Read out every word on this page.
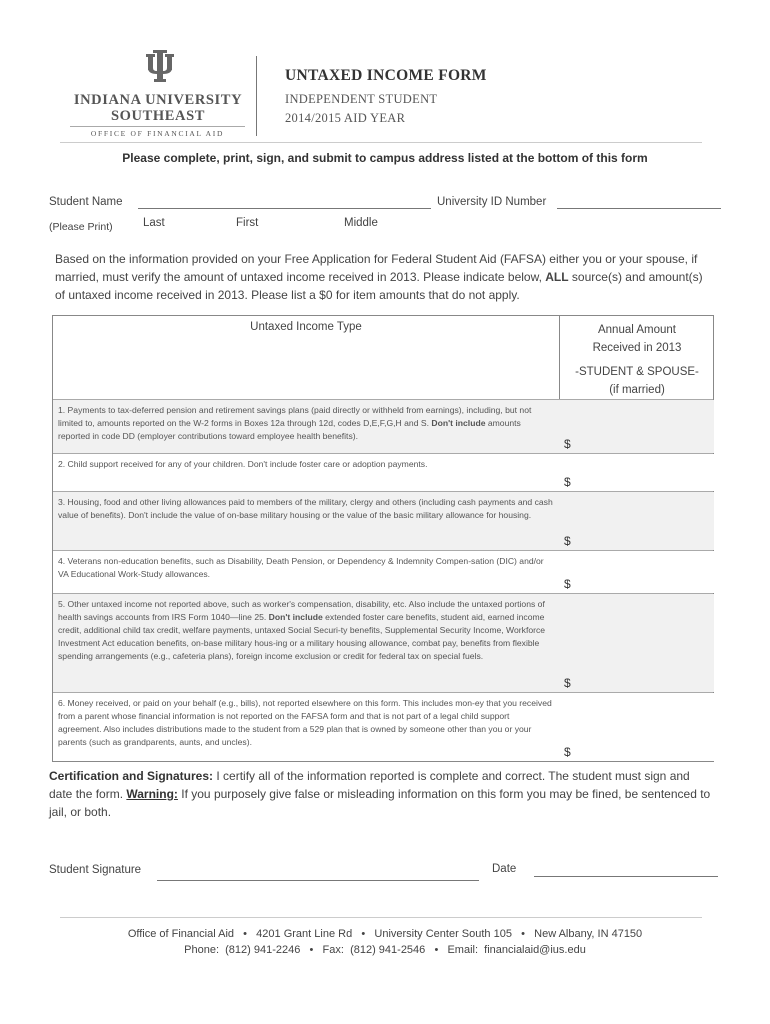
INDIANA UNIVERSITY
SOUTHEAST
OFFICE OF FINANCIAL AID
UNTAXED INCOME FORM
INDEPENDENT STUDENT
2014/2015 AID YEAR
Please complete, print, sign, and submit to campus address listed at the bottom of this form
Student Name	University ID Number
(Please Print)	Last	First	Middle
Based on the information provided on your Free Application for Federal Student Aid (FAFSA) either you or your spouse, if married, must verify the amount of untaxed income received in 2013. Please indicate below, ALL source(s) and amount(s) of untaxed income received in 2013. Please list a $0 for item amounts that do not apply.
Untaxed Income Type	Annual Amount
Received in 2013
-STUDENT & SPOUSE-
(if married)
1. Payments to tax-deferred pension and retirement savings plans (paid directly or withheld from earnings), including, but not limited to, amounts reported on the W-2 forms in Boxes 12a through 12d, codes D,E,F,G,H and S. Don't include amounts reported in code DD (employer contributions toward employee health benefits).
$
2. Child support received for any of your children. Don't include foster care or adoption payments.
$
3. Housing, food and other living allowances paid to members of the military, clergy and others (including cash payments and cash value of benefits). Don't include the value of on-base military housing or the value of the basic military allowance for housing.
$
4. Veterans non-education benefits, such as Disability, Death Pension, or Dependency & Indemnity Compen-sation (DIC) and/or VA Educational Work-Study allowances.
$
5. Other untaxed income not reported above, such as worker's compensation, disability, etc. Also include the untaxed portions of health savings accounts from IRS Form 1040—line 25. Don't include extended foster care benefits, student aid, earned income credit, additional child tax credit, welfare payments, untaxed Social Securi-ty benefits, Supplemental Security Income, Workforce Investment Act education benefits, on-base military hous-ing or a military housing allowance, combat pay, benefits from flexible spending arrangements (e.g., cafeteria plans), foreign income exclusion or credit for federal tax on special fuels.
$
6. Money received, or paid on your behalf (e.g., bills), not reported elsewhere on this form. This includes mon-ey that you received from a parent whose financial information is not reported on the FAFSA form and that is not part of a legal child support agreement. Also includes distributions made to the student from a 529 plan that is owned by someone other than you or your parents (such as grandparents, aunts, and uncles).
$
Certification and Signatures: I certify all of the information reported is complete and correct. The student must sign and date the form. Warning: If you purposely give false or misleading information on this form you may be fined, be sentenced to jail, or both.
Student Signature	Date
Office of Financial Aid   •   4201 Grant Line Rd   •   University Center South 105   •   New Albany, IN 47150
Phone:  (812) 941-2246   •   Fax:  (812) 941-2546   •   Email:  financialaid@ius.edu
